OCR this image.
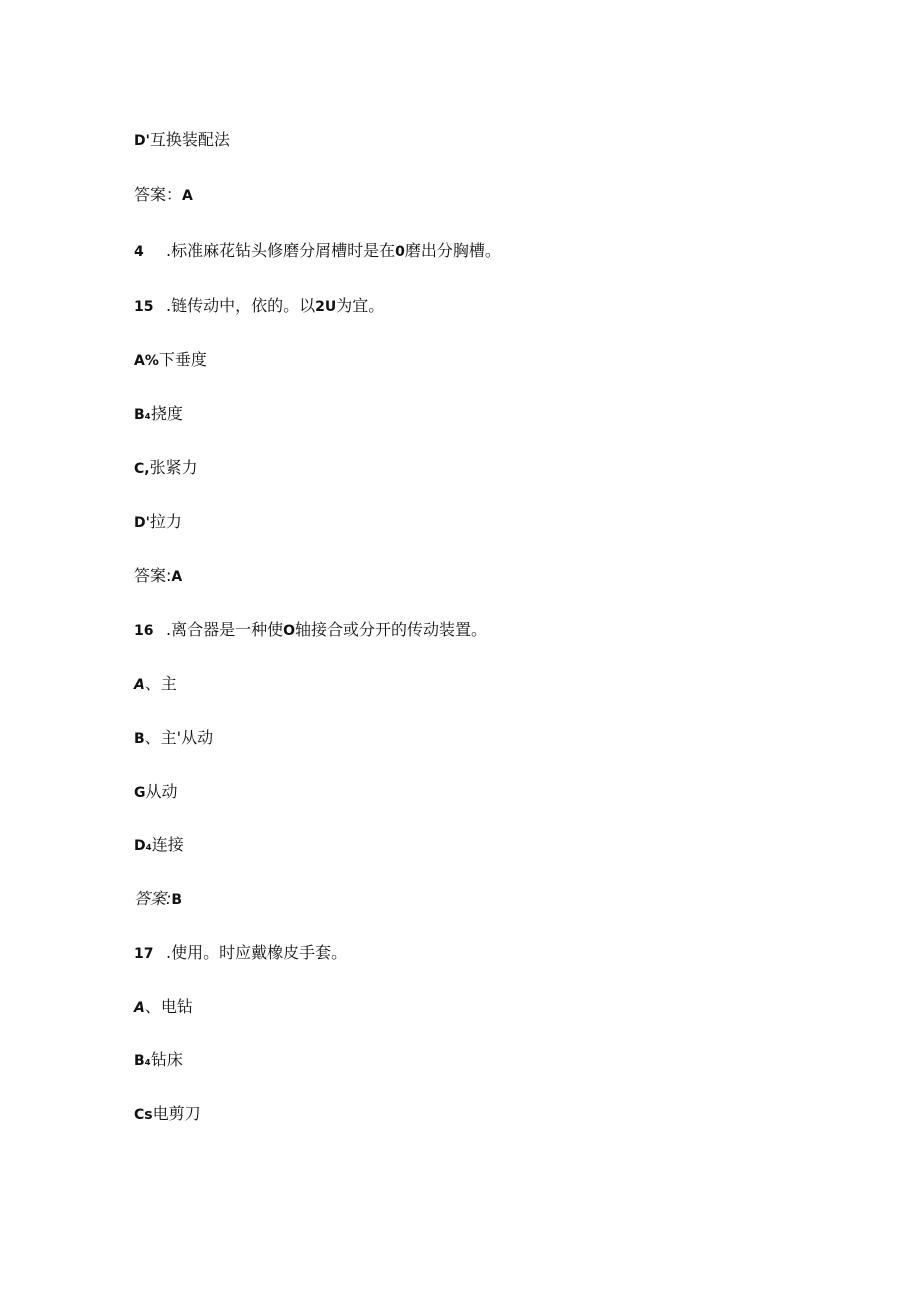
D'互换装配法
答案：A
4 .标准麻花钻头修磨分屑槽时是在0磨出分胸槽。
15 .链传动中，依的。以2U为宜。
A%下垂度
B₄挠度
C,张紧力
D'拉力
答案:A
16 .离合器是一种使O轴接合或分开的传动装置。
A、主
B、主'从动
G从动
D₄连接
答案:B
17 .使用。时应戴橡皮手套。
A、电钻
B₄钻床
Cs电剪刀
